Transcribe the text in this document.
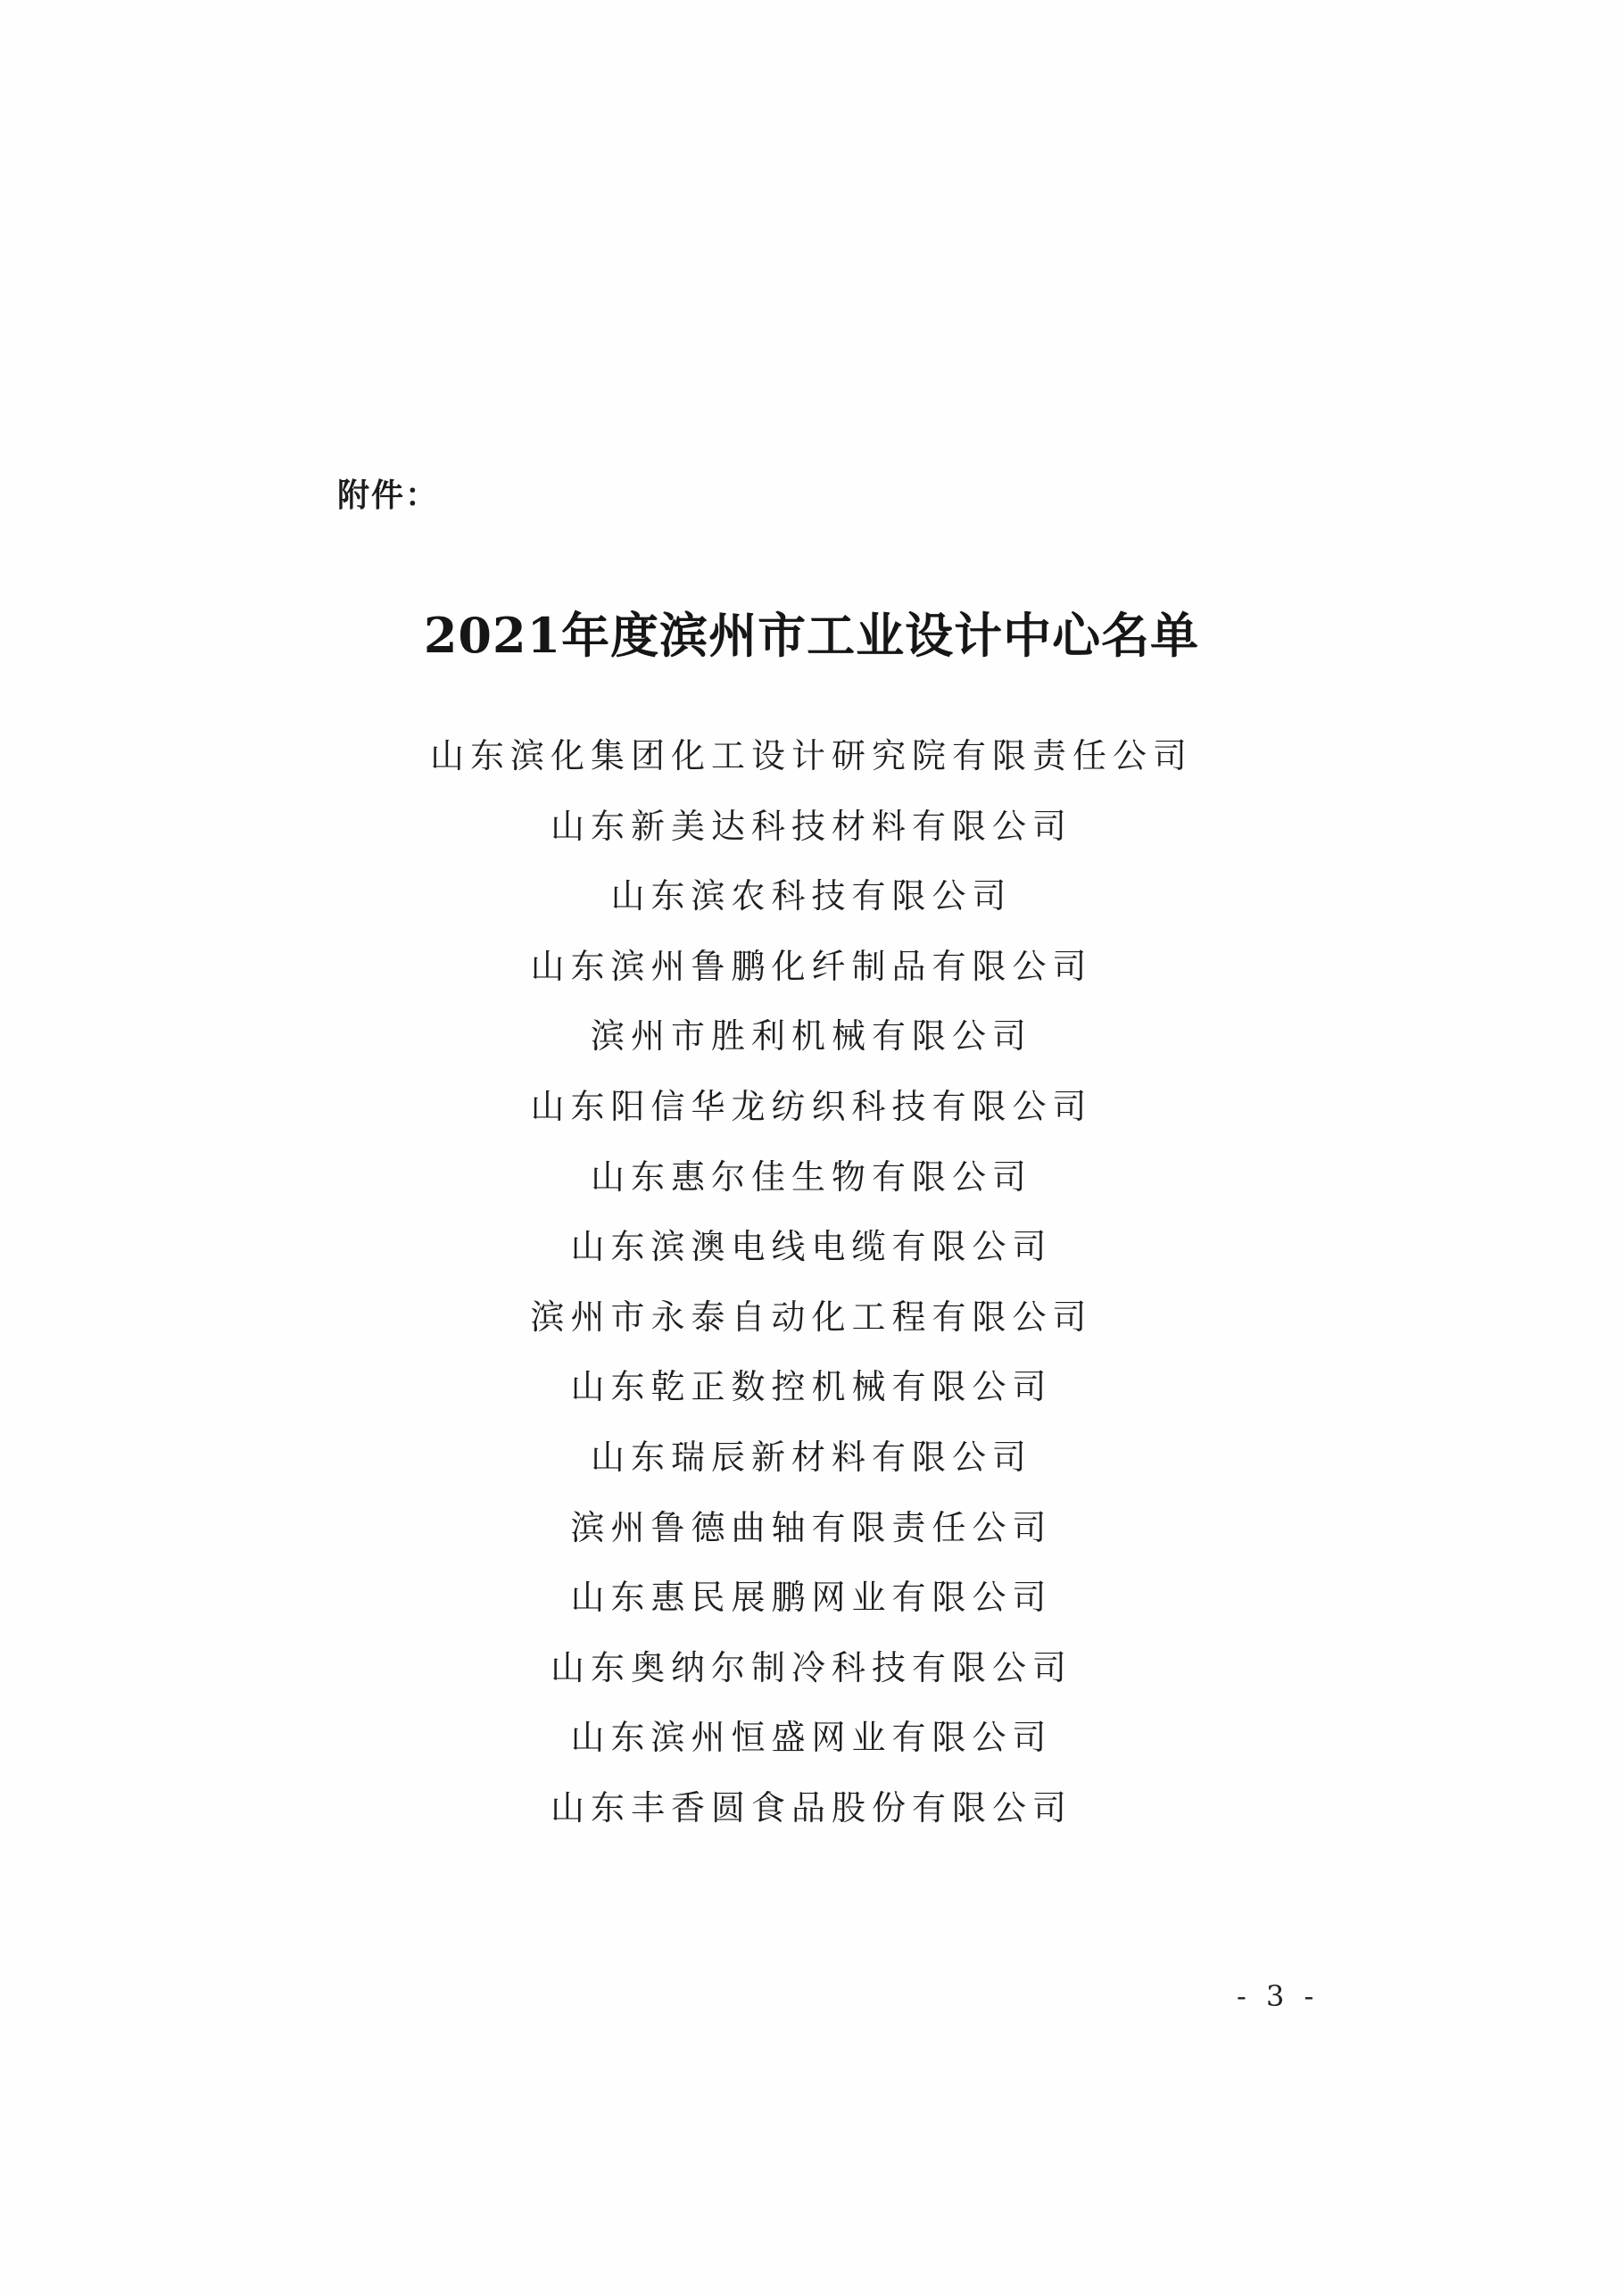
附件：
2021年度滨州市工业设计中心名单
山东滨化集团化工设计研究院有限责任公司
山东新美达科技材料有限公司
山东滨农科技有限公司
山东滨州鲁鹏化纤制品有限公司
滨州市胜利机械有限公司
山东阳信华龙纺织科技有限公司
山东惠尔佳生物有限公司
山东滨澳电线电缆有限公司
滨州市永泰自动化工程有限公司
山东乾正数控机械有限公司
山东瑞辰新材料有限公司
滨州鲁德曲轴有限责任公司
山东惠民展鹏网业有限公司
山东奥纳尔制冷科技有限公司
山东滨州恒盛网业有限公司
山东丰香圆食品股份有限公司
- 3 -
